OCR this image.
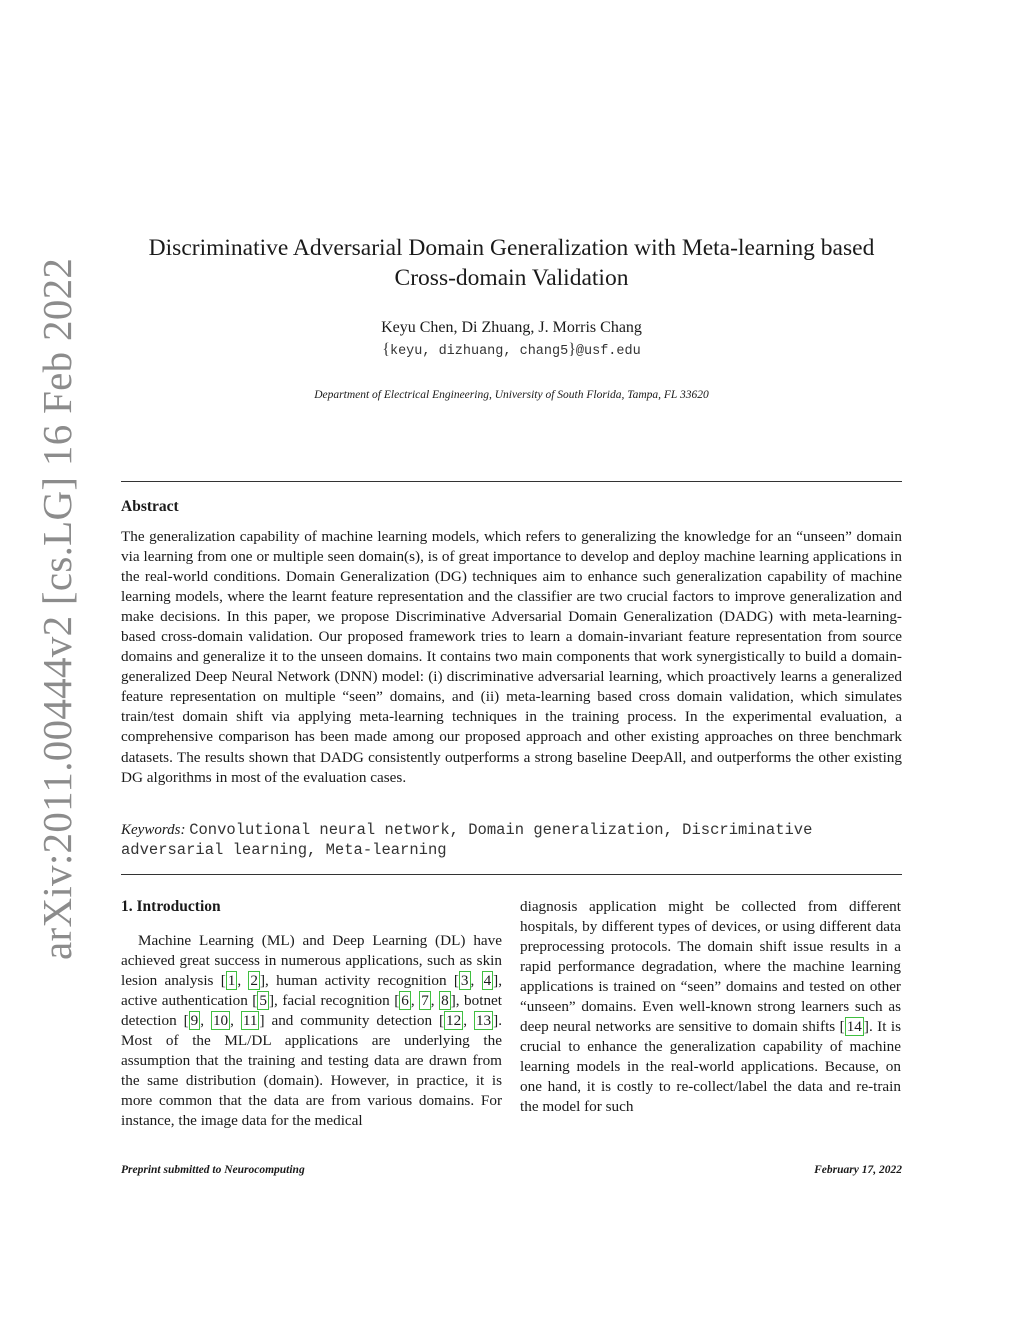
arXiv:2011.00444v2 [cs.LG] 16 Feb 2022
Discriminative Adversarial Domain Generalization with Meta-learning based Cross-domain Validation
Keyu Chen, Di Zhuang, J. Morris Chang
{keyu, dizhuang, chang5}@usf.edu
Department of Electrical Engineering, University of South Florida, Tampa, FL 33620
Abstract
The generalization capability of machine learning models, which refers to generalizing the knowledge for an “unseen” domain via learning from one or multiple seen domain(s), is of great importance to develop and deploy machine learning applications in the real-world conditions. Domain Generalization (DG) techniques aim to enhance such generalization capability of machine learning models, where the learnt feature representation and the classifier are two crucial factors to improve generalization and make decisions. In this paper, we propose Discriminative Adversarial Domain Generalization (DADG) with meta-learning-based cross-domain validation. Our proposed framework tries to learn a domain-invariant feature representation from source domains and generalize it to the unseen domains. It contains two main components that work synergistically to build a domain-generalized Deep Neural Network (DNN) model: (i) discriminative adversarial learning, which proactively learns a generalized feature representation on multiple “seen” domains, and (ii) meta-learning based cross domain validation, which simulates train/test domain shift via applying meta-learning techniques in the training process. In the experimental evaluation, a comprehensive comparison has been made among our proposed approach and other existing approaches on three benchmark datasets. The results shown that DADG consistently outperforms a strong baseline DeepAll, and outperforms the other existing DG algorithms in most of the evaluation cases.
Keywords: Convolutional neural network, Domain generalization, Discriminative adversarial learning, Meta-learning
1. Introduction

Machine Learning (ML) and Deep Learning (DL) have achieved great success in numerous applications, such as skin lesion analysis [ 1 , 2 ], human activity recognition [ 3 , 4 ], active authentication [ 5 ], facial recognition [ 6 , 7 , 8 ], botnet detection [ 9 , 10 , 11 ] and community detection [ 12 , 13 ]. Most of the ML/DL applications are underlying the assumption that the training and testing data are drawn from the same distribution (domain). However, in practice, it is more common that the data are from various domains. For instance, the image data for the medical

diagnosis application might be collected from different hospitals, by different types of devices, or using different data preprocessing protocols. The domain shift issue results in a rapid performance degradation, where the machine learning applications is trained on “seen” domains and tested on other “unseen” domains. Even well-known strong learners such as deep neural networks are sensitive to domain shifts [ 14 ]. It is crucial to enhance the generalization capability of machine learning models in the real-world applications. Because, on one hand, it is costly to re-collect/label the data and re-train the model for such

Preprint submitted to Neurocomputing	February 17, 2022
